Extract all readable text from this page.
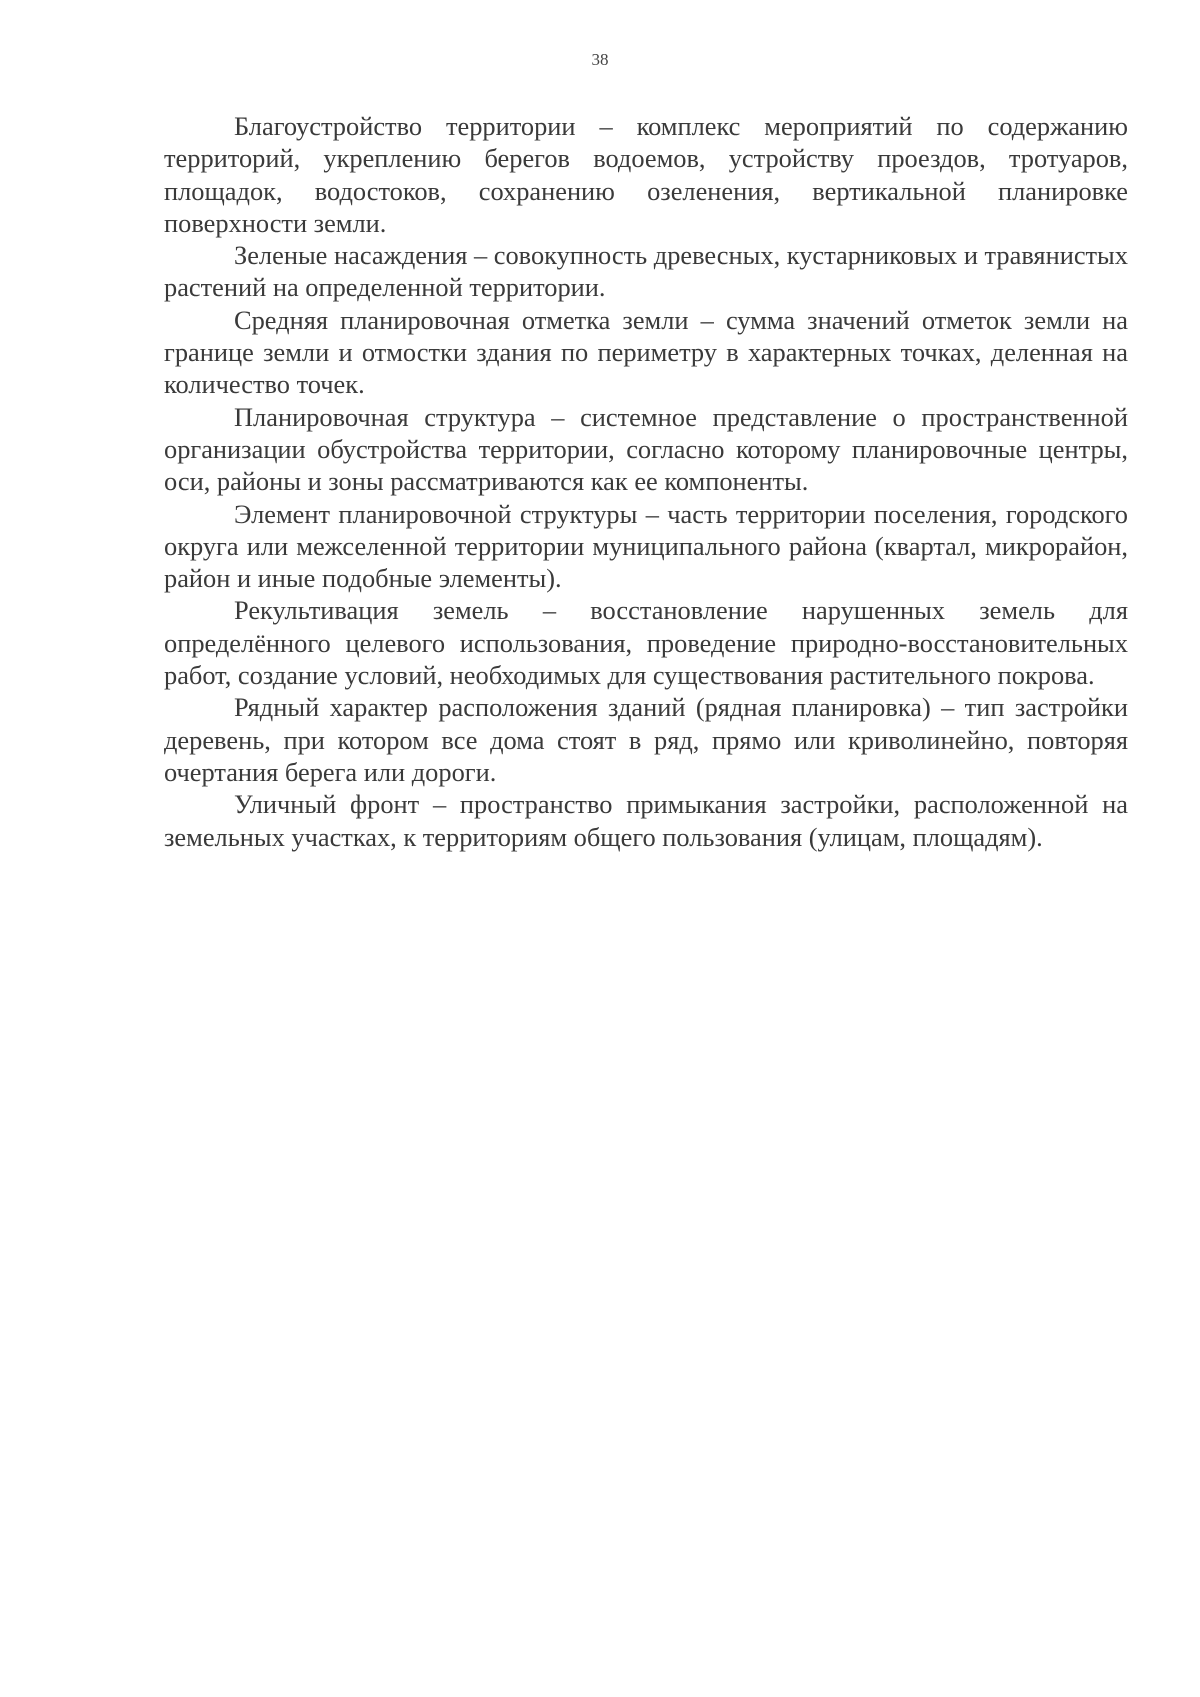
38

Благоустройство территории – комплекс мероприятий по содержанию территорий, укреплению берегов водоемов, устройству проездов, тротуаров, площадок, водостоков, сохранению озеленения, вертикальной планировке поверхности земли.

Зеленые насаждения – совокупность древесных, кустарниковых и травянистых растений на определенной территории.

Средняя планировочная отметка земли – сумма значений отметок земли на границе земли и отмостки здания по периметру в характерных точках, деленная на количество точек.

Планировочная структура – системное представление о пространственной организации обустройства территории, согласно которому планировочные центры, оси, районы и зоны рассматриваются как ее компоненты.

Элемент планировочной структуры – часть территории поселения, городского округа или межселенной территории муниципального района (квартал, микрорайон, район и иные подобные элементы).

Рекультивация земель – восстановление нарушенных земель для определённого целевого использования, проведение природно-восстановительных работ, создание условий, необходимых для существования растительного покрова.

Рядный характер расположения зданий (рядная планировка) – тип застройки деревень, при котором все дома стоят в ряд, прямо или криволинейно, повторяя очертания берега или дороги.

Уличный фронт – пространство примыкания застройки, расположенной на земельных участках, к территориям общего пользования (улицам, площадям).
